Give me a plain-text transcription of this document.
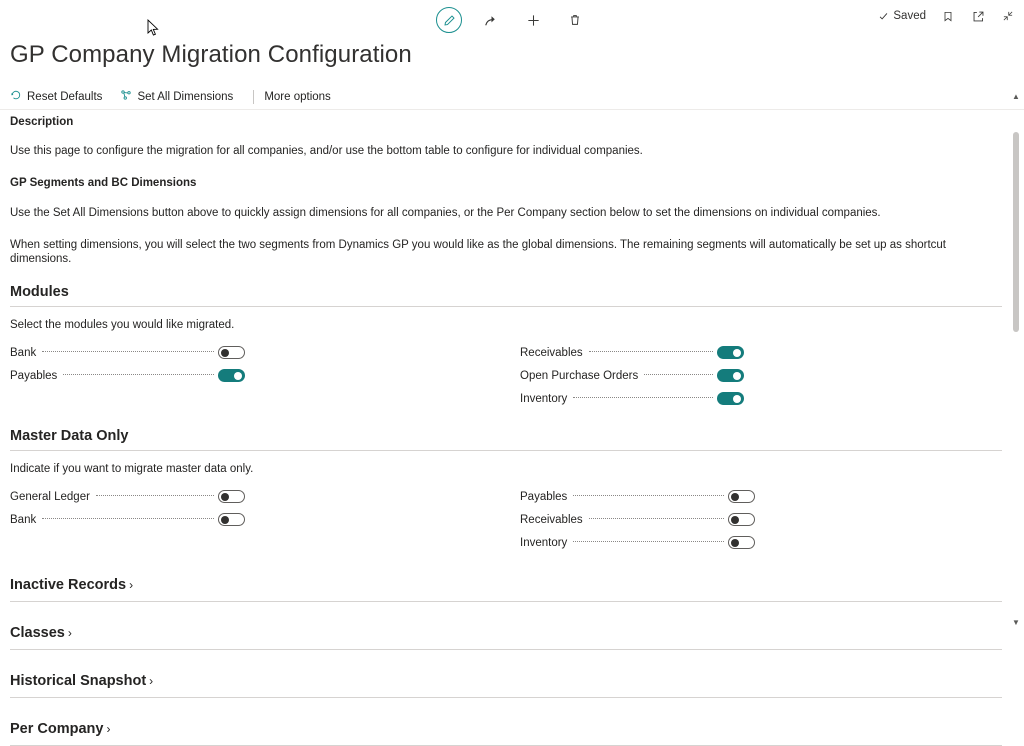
Saved
GP Company Migration Configuration
Reset Defaults	Set All Dimensions	More options
Description

Use this page to configure the migration for all companies, and/or use the bottom table to configure for individual companies.

GP Segments and BC Dimensions

Use the Set All Dimensions button above to quickly assign dimensions for all companies, or the Per Company section below to set the dimensions on individual companies.

When setting dimensions, you will select the two segments from Dynamics GP you would like as the global dimensions. The remaining segments will automatically be set up as shortcut dimensions.

Modules
Select the modules you would like migrated.
Bank
Payables
Receivables
Open Purchase Orders
Inventory
Master Data Only
Indicate if you want to migrate master data only.
General Ledger
Bank
Payables
Receivables
Inventory
Inactive Records ›
Classes ›
Historical Snapshot ›
Per Company ›
▲
▼
